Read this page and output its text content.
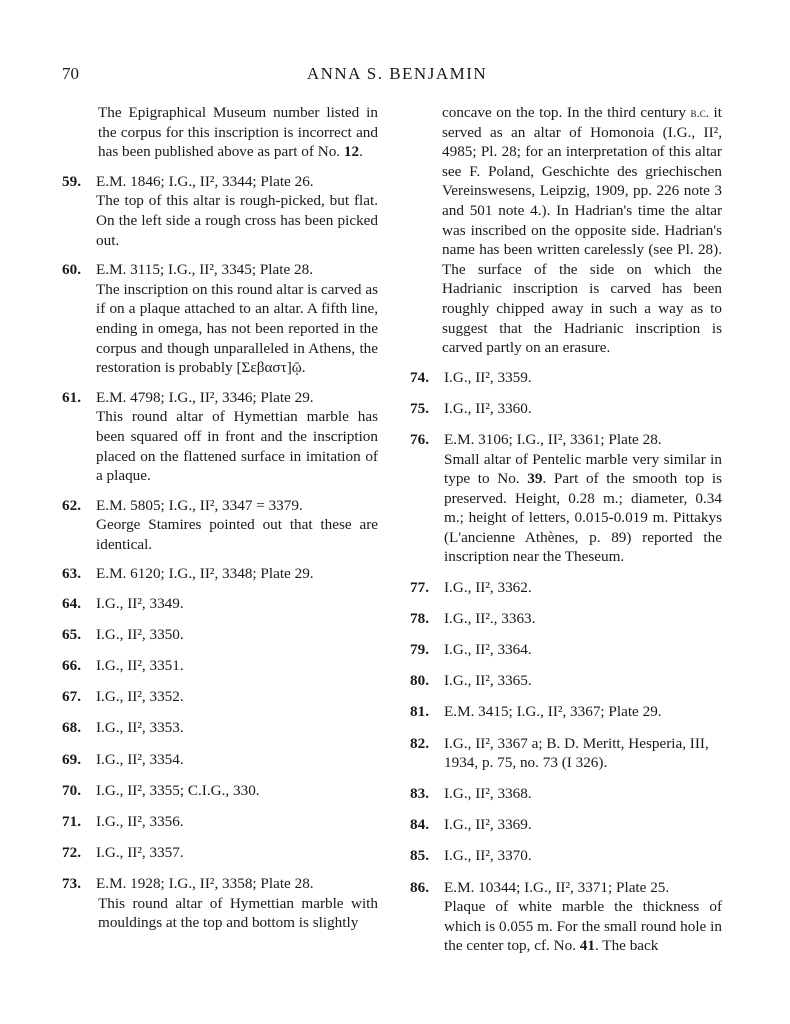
70	ANNA S. BENJAMIN
The Epigraphical Museum number listed in the corpus for this inscription is incorrect and has been published above as part of No. 12.
59. E.M. 1846; I.G., II², 3344; Plate 26.
The top of this altar is rough-picked, but flat. On the left side a rough cross has been picked out.
60. E.M. 3115; I.G., II², 3345; Plate 28.
The inscription on this round altar is carved as if on a plaque attached to an altar. A fifth line, ending in omega, has not been reported in the corpus and though unparalleled in Athens, the restoration is probably [Σεβαστ]ῷ.
61. E.M. 4798; I.G., II², 3346; Plate 29.
This round altar of Hymettian marble has been squared off in front and the inscription placed on the flattened surface in imitation of a plaque.
62. E.M. 5805; I.G., II², 3347 = 3379.
George Stamires pointed out that these are identical.
63. E.M. 6120; I.G., II², 3348; Plate 29.
64. I.G., II², 3349.
65. I.G., II², 3350.
66. I.G., II², 3351.
67. I.G., II², 3352.
68. I.G., II², 3353.
69. I.G., II², 3354.
70. I.G., II², 3355; C.I.G., 330.
71. I.G., II², 3356.
72. I.G., II², 3357.
73. E.M. 1928; I.G., II², 3358; Plate 28.
This round altar of Hymettian marble with mouldings at the top and bottom is slightly
concave on the top. In the third century b.c. it served as an altar of Homonoia (I.G., II², 4985; Pl. 28; for an interpretation of this altar see F. Poland, Geschichte des griechischen Vereinswesens, Leipzig, 1909, pp. 226 note 3 and 501 note 4.). In Hadrian's time the altar was inscribed on the opposite side. Hadrian's name has been written carelessly (see Pl. 28). The surface of the side on which the Hadrianic inscription is carved has been roughly chipped away in such a way as to suggest that the Hadrianic inscription is carved partly on an erasure.
74. I.G., II², 3359.
75. I.G., II², 3360.
76. E.M. 3106; I.G., II², 3361; Plate 28.
Small altar of Pentelic marble very similar in type to No. 39. Part of the smooth top is preserved. Height, 0.28 m.; diameter, 0.34 m.; height of letters, 0.015-0.019 m. Pittakys (L'ancienne Athènes, p. 89) reported the inscription near the Theseum.
77. I.G., II², 3362.
78. I.G., II²., 3363.
79. I.G., II², 3364.
80. I.G., II², 3365.
81. E.M. 3415; I.G., II², 3367; Plate 29.
82. I.G., II², 3367 a; B. D. Meritt, Hesperia, III, 1934, p. 75, no. 73 (I 326).
83. I.G., II², 3368.
84. I.G., II², 3369.
85. I.G., II², 3370.
86. E.M. 10344; I.G., II², 3371; Plate 25.
Plaque of white marble the thickness of which is 0.055 m. For the small round hole in the center top, cf. No. 41. The back
